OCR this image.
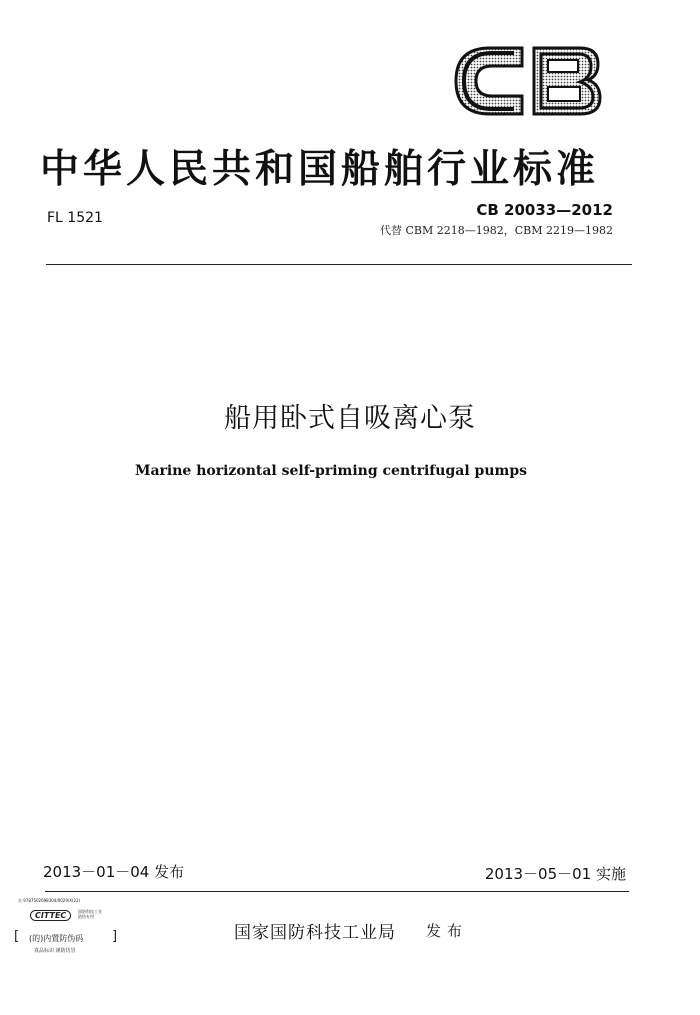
中华人民共和国船舶行业标准
FL 1521	CB 20033—2012
代替 CBM 2218—1982，CBM 2219—1982
船用卧式自吸离心泵
Marine horizontal self-priming centrifugal pumps
2013－01－04 发布	2013－05－01 实施
Ⓡ 9787502698304/0029/X(22)
CITTEC	国防科技工业
防伪专用
[ (的)内置防伪码 ]
真品标识 谨防仿冒
国家国防科技工业局 发布
